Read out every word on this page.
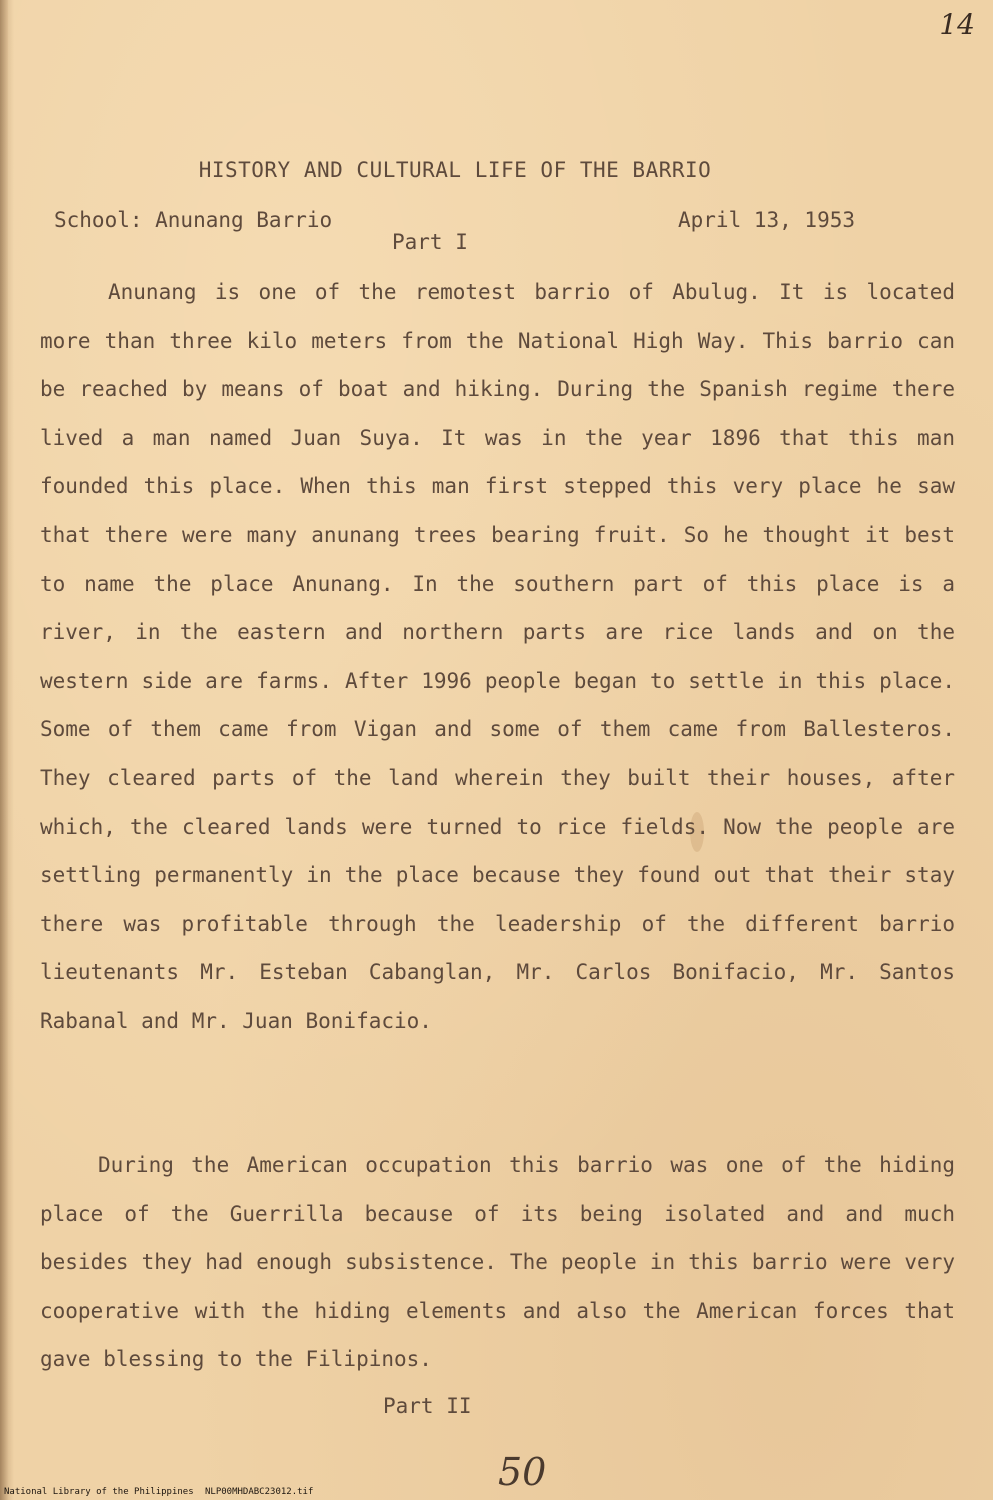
14
HISTORY AND CULTURAL LIFE OF THE BARRIO
School: Anunang Barrio	April 13, 1953
Part I
Anunang is one of the remotest barrio of Abulug. It is located more than three kilo meters from the National High Way. This barrio can be reached by means of boat and hiking. During the Spanish regime there lived a man named Juan Suya. It was in the year 1896 that this man founded this place. When this man first stepped this very place he saw that there were many anunang trees bearing fruit. So he thought it best to name the place Anunang. In the southern part of this place is a river, in the eastern and northern parts are rice lands and on the western side are farms. After 1996 people began to settle in this place. Some of them came from Vigan and some of them came from Ballesteros. They cleared parts of the land wherein they built their houses, after which, the cleared lands were turned to rice fields. Now the people are settling permanently in the place because they found out that their stay there was profitable through the leadership of the different barrio lieutenants Mr. Esteban Cabanglan, Mr. Carlos Bonifacio, Mr. Santos Rabanal and Mr. Juan Bonifacio.
During the American occupation this barrio was one of the hiding place of the Guerrilla because of its being isolated and and much besides they had enough subsistence. The people in this barrio were very cooperative with the hiding elements and also the American forces that gave blessing to the Filipinos.
Part II
50
National Library of the Philippines NLP00MHDABC23012.tif
